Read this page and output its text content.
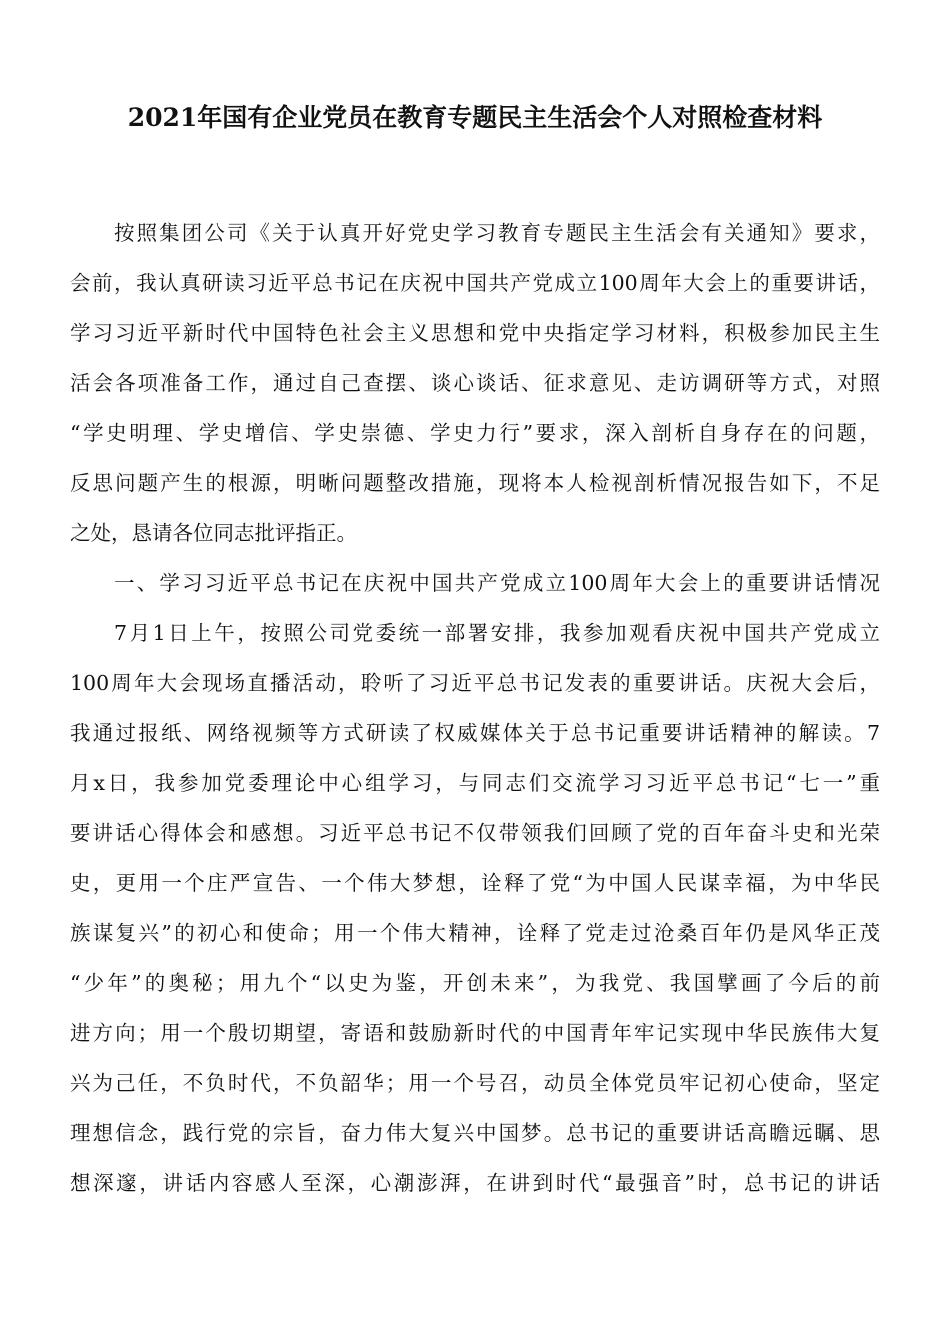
2021年国有企业党员在教育专题民主生活会个人对照检查材料

按照集团公司《关于认真开好党史学习教育专题民主生活会有关通知》要求，

会前，我认真研读习近平总书记在庆祝中国共产党成立100周年大会上的重要讲话，

学习习近平新时代中国特色社会主义思想和党中央指定学习材料，积极参加民主生

活会各项准备工作，通过自己查摆、谈心谈话、征求意见、走访调研等方式，对照

“学史明理、学史增信、学史崇德、学史力行”要求，深入剖析自身存在的问题，

反思问题产生的根源，明晰问题整改措施，现将本人检视剖析情况报告如下，不足

之处，恳请各位同志批评指正。

一、学习习近平总书记在庆祝中国共产党成立100周年大会上的重要讲话情况

7月1日上午，按照公司党委统一部署安排，我参加观看庆祝中国共产党成立

100周年大会现场直播活动，聆听了习近平总书记发表的重要讲话。庆祝大会后，

我通过报纸、网络视频等方式研读了权威媒体关于总书记重要讲话精神的解读。7

月x日，我参加党委理论中心组学习，与同志们交流学习习近平总书记“七一”重

要讲话心得体会和感想。习近平总书记不仅带领我们回顾了党的百年奋斗史和光荣

史，更用一个庄严宣告、一个伟大梦想，诠释了党“为中国人民谋幸福，为中华民

族谋复兴”的初心和使命；用一个伟大精神，诠释了党走过沧桑百年仍是风华正茂

“少年”的奥秘；用九个“以史为鉴，开创未来”，为我党、我国擘画了今后的前

进方向；用一个殷切期望，寄语和鼓励新时代的中国青年牢记实现中华民族伟大复

兴为己任，不负时代，不负韶华；用一个号召，动员全体党员牢记初心使命，坚定

理想信念，践行党的宗旨，奋力伟大复兴中国梦。总书记的重要讲话高瞻远瞩、思

想深邃，讲话内容感人至深，心潮澎湃，在讲到时代“最强音”时，总书记的讲话
